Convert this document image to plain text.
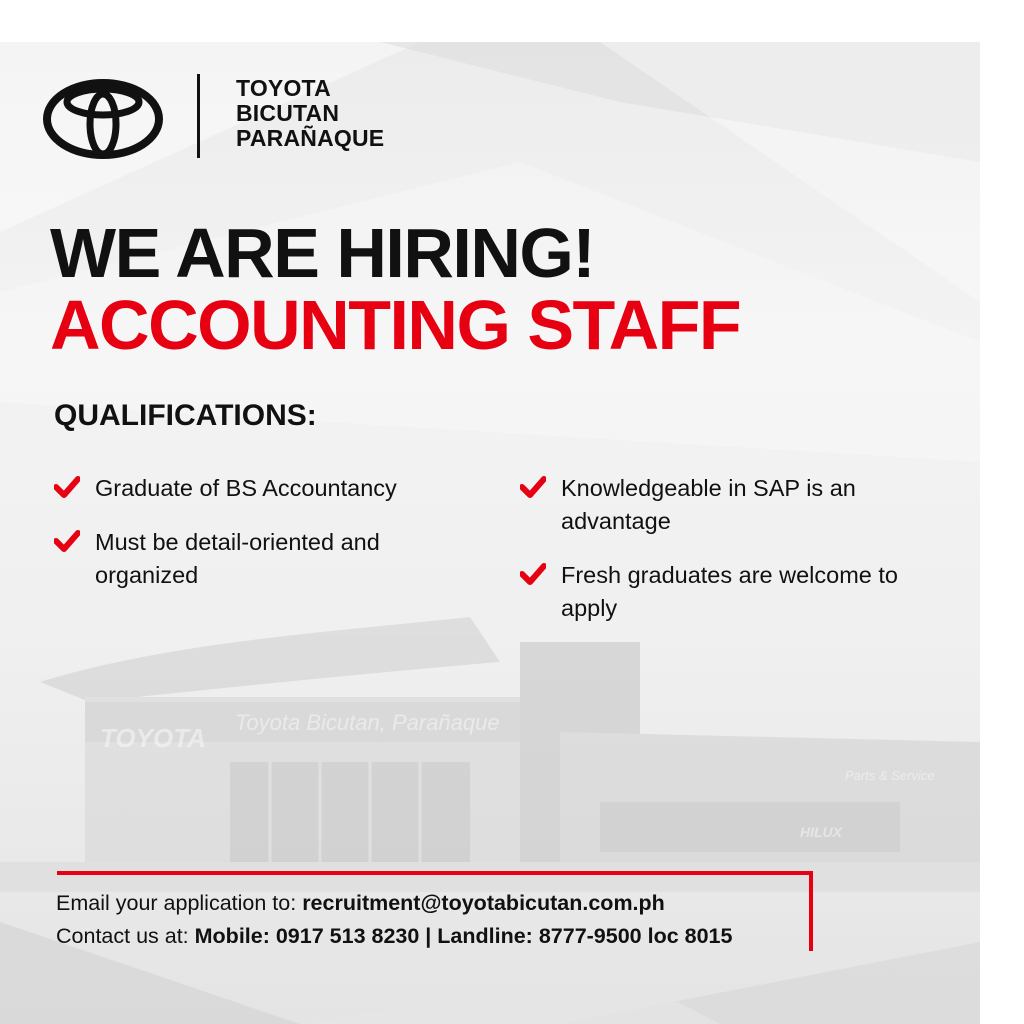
Toyota Bicutan, Parañaque
TOYOTA
Parts & Service
HILUX
TOYOTA
BICUTAN
PARAÑAQUE
WE ARE HIRING!
ACCOUNTING STAFF
QUALIFICATIONS:
Graduate of BS Accountancy
Must be detail-oriented and organized
Knowledgeable in SAP is an advantage
Fresh graduates are welcome to apply
Email your application to: recruitment@toyotabicutan.com.ph
Contact us at: Mobile: 0917 513 8230 | Landline: 8777-9500 loc 8015
